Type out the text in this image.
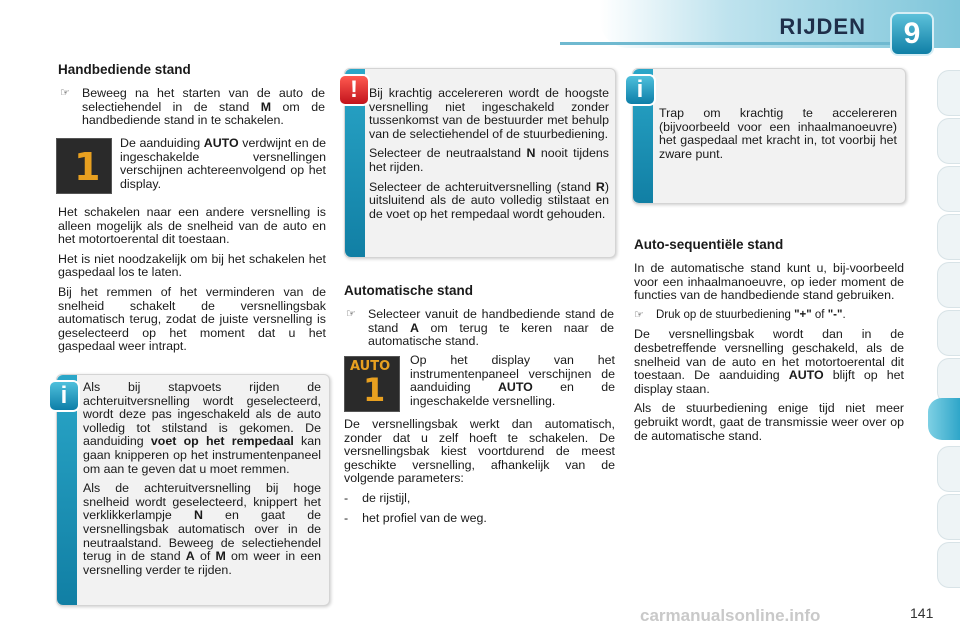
RIJDEN	9
Handbediende stand
☞ Beweeg na het starten van de auto de selectiehendel in de stand M om de handbediende stand in te schakelen.

1

De aanduiding AUTO verdwijnt en de ingeschakelde versnellingen verschijnen achtereenvolgend op het display.

Het schakelen naar een andere versnelling is alleen mogelijk als de snelheid van de auto en het motortoerental dit toestaan.

Het is niet noodzakelijk om bij het schakelen het gaspedaal los te laten.

Bij het remmen of het verminderen van de snelheid schakelt de versnellingsbak automatisch terug, zodat de juiste versnelling is geselecteerd op het moment dat u het gaspedaal weer intrapt.

Als bij stapvoets rijden de achteruitversnelling wordt geselecteerd, wordt deze pas ingeschakeld als de auto volledig tot stilstand is gekomen. De aanduiding voet op het rempedaal kan gaan knipperen op het instrumentenpaneel om aan te geven dat u moet remmen.

Als de achteruitversnelling bij hoge snelheid wordt geselecteerd, knippert het verklikkerlampje N en gaat de versnellingsbak automatisch over in de neutraalstand. Beweeg de selectiehendel terug in de stand A of M om weer in een versnelling verder te rijden.

i

Bij krachtig accelereren wordt de hoogste versnelling niet ingeschakeld zonder tussenkomst van de bestuurder met behulp van de selectiehendel of de stuurbediening.

Selecteer de neutraalstand N nooit tijdens het rijden.

Selecteer de achteruitversnelling (stand R) uitsluitend als de auto volledig stilstaat en de voet op het rempedaal wordt gehouden.

!
Automatische stand
☞ Selecteer vanuit de handbediende stand de stand A om terug te keren naar de automatische stand.

AUTO
1

Op het display van het instrumentenpaneel verschijnen de aanduiding AUTO en de ingeschakelde versnelling.

De versnellingsbak werkt dan automatisch, zonder dat u zelf hoeft te schakelen. De versnellingsbak kiest voortdurend de meest geschikte versnelling, afhankelijk van de volgende parameters:

- de rijstijl,
- het profiel van de weg.

Trap om krachtig te accelereren (bijvoorbeeld voor een inhaalmanoeuvre) het gaspedaal met kracht in, tot voorbij het zware punt.

i
Auto-sequentiële stand

In de automatische stand kunt u, bij-voorbeeld voor een inhaalmanoeuvre, op ieder moment de functies van de handbediende stand gebruiken.

☞	Druk op de stuurbediening "+" of "-".

De versnellingsbak wordt dan in de desbetreffende versnelling geschakeld, als de snelheid van de auto en het motortoerental dit toestaan. De aanduiding AUTO blijft op het display staan.

Als de stuurbediening enige tijd niet meer gebruikt wordt, gaat de transmissie weer over op de automatische stand.

carmanualsonline.info	141
